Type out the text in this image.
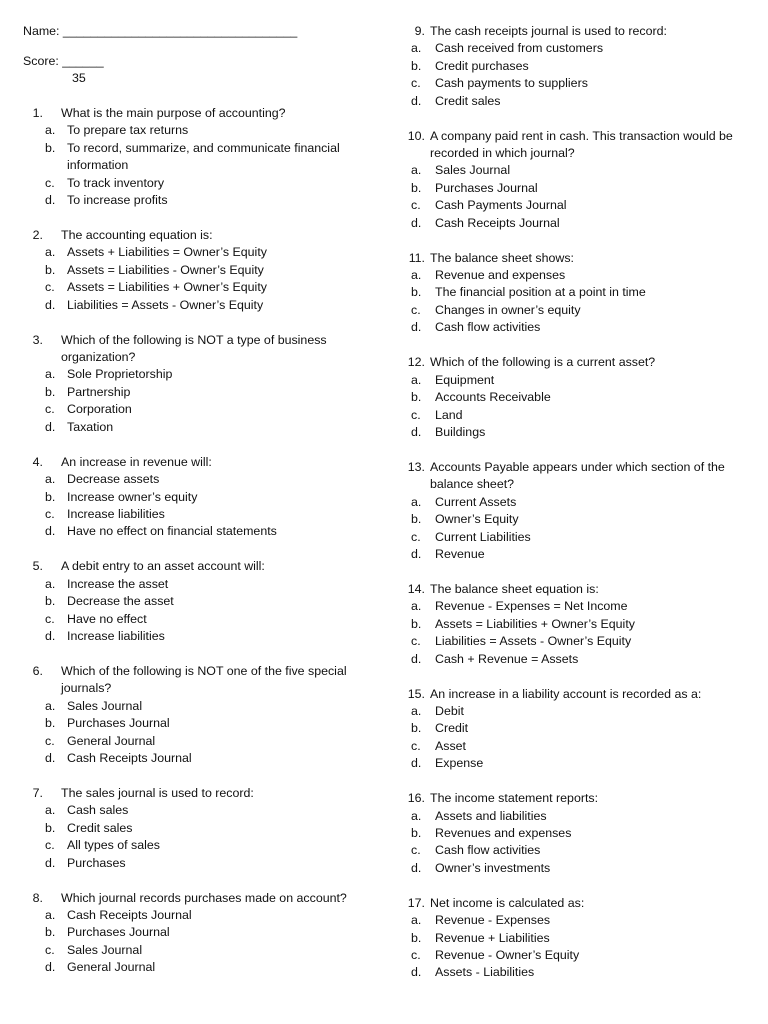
Name: __________________________________
Score: ______
35
1.	What is the main purpose of accounting?
a. To prepare tax returns
b. To record, summarize, and communicate financial information
c. To track inventory
d. To increase profits
2.	The accounting equation is:
a. Assets + Liabilities = Owner’s Equity
b. Assets = Liabilities - Owner’s Equity
c. Assets = Liabilities + Owner’s Equity
d. Liabilities = Assets - Owner’s Equity
3.	Which of the following is NOT a type of business organization?
a. Sole Proprietorship
b. Partnership
c. Corporation
d. Taxation
4.	An increase in revenue will:
a. Decrease assets
b. Increase owner’s equity
c. Increase liabilities
d. Have no effect on financial statements
5.	A debit entry to an asset account will:
a. Increase the asset
b. Decrease the asset
c. Have no effect
d. Increase liabilities
6.	Which of the following is NOT one of the five special journals?
a. Sales Journal
b. Purchases Journal
c. General Journal
d. Cash Receipts Journal
7.	The sales journal is used to record:
a. Cash sales
b. Credit sales
c. All types of sales
d. Purchases
8.	Which journal records purchases made on account?
a. Cash Receipts Journal
b. Purchases Journal
c. Sales Journal
d. General Journal
9. The cash receipts journal is used to record:
a.	Cash received from customers
b.	Credit purchases
c.	Cash payments to suppliers
d.	Credit sales
10. A company paid rent in cash. This transaction would be recorded in which journal?
a.	Sales Journal
b.	Purchases Journal
c.	Cash Payments Journal
d.	Cash Receipts Journal
11. The balance sheet shows:
a.	Revenue and expenses
b.	The financial position at a point in time
c.	Changes in owner’s equity
d.	Cash flow activities
12. Which of the following is a current asset?
a.	Equipment
b.	Accounts Receivable
c.	Land
d.	Buildings
13. Accounts Payable appears under which section of the balance sheet?
a.	Current Assets
b.	Owner’s Equity
c.	Current Liabilities
d.	Revenue
14. The balance sheet equation is:
a.	Revenue - Expenses = Net Income
b.	Assets = Liabilities + Owner’s Equity
c.	Liabilities = Assets - Owner’s Equity
d.	Cash + Revenue = Assets
15. An increase in a liability account is recorded as a:
a.	Debit
b.	Credit
c.	Asset
d.	Expense
16. The income statement reports:
a.	Assets and liabilities
b.	Revenues and expenses
c.	Cash flow activities
d.	Owner’s investments
17. Net income is calculated as:
a.	Revenue - Expenses
b.	Revenue + Liabilities
c.	Revenue - Owner’s Equity
d.	Assets - Liabilities
